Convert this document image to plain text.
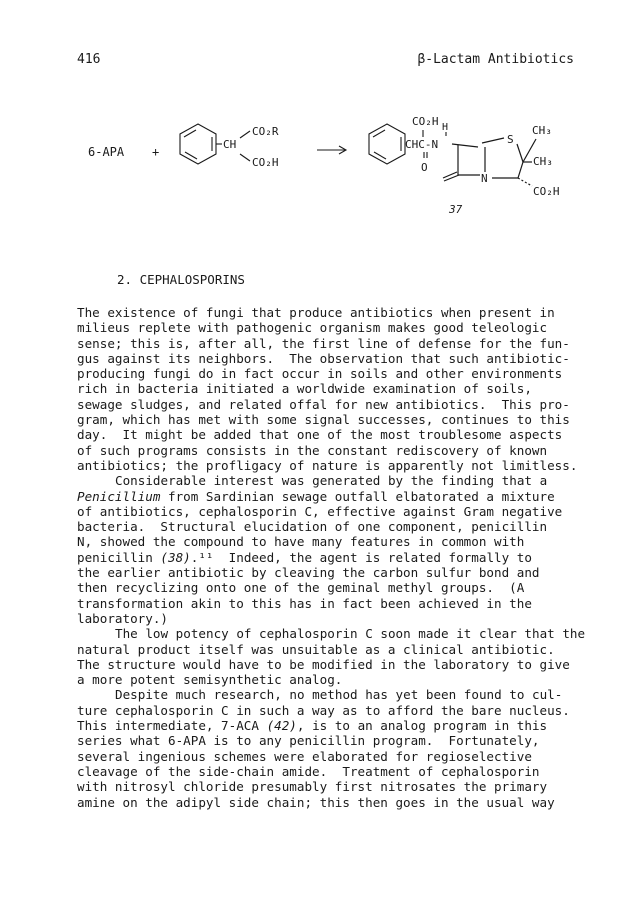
416	β-Lactam Antibiotics
6-APA +
CH
CO₂R
CO₂H
CO₂H H
CHC-N
O
S
N
CH₃
CH₃
CO₂H
37
2. CEPHALOSPORINS
The existence of fungi that produce antibiotics when present in
milieus replete with pathogenic organism makes good teleologic
sense; this is, after all, the first line of defense for the fun-
gus against its neighbors.  The observation that such antibiotic-
producing fungi do in fact occur in soils and other environments
rich in bacteria initiated a worldwide examination of soils,
sewage sludges, and related offal for new antibiotics.  This pro-
gram, which has met with some signal successes, continues to this
day.  It might be added that one of the most troublesome aspects
of such programs consists in the constant rediscovery of known
antibiotics; the profligacy of nature is apparently not limitless.
Considerable interest was generated by the finding that a
Penicillium from Sardinian sewage outfall elbatorated a mixture
of antibiotics, cephalosporin C, effective against Gram negative
bacteria.  Structural elucidation of one component, penicillin
N, showed the compound to have many features in common with
penicillin (38).¹¹  Indeed, the agent is related formally to
the earlier antibiotic by cleaving the carbon sulfur bond and
then recyclizing onto one of the geminal methyl groups.  (A
transformation akin to this has in fact been achieved in the
laboratory.)
The low potency of cephalosporin C soon made it clear that the
natural product itself was unsuitable as a clinical antibiotic.
The structure would have to be modified in the laboratory to give
a more potent semisynthetic analog.
Despite much research, no method has yet been found to cul-
ture cephalosporin C in such a way as to afford the bare nucleus.
This intermediate, 7-ACA (42), is to an analog program in this
series what 6-APA is to any penicillin program.  Fortunately,
several ingenious schemes were elaborated for regioselective
cleavage of the side-chain amide.  Treatment of cephalosporin
with nitrosyl chloride presumably first nitrosates the primary
amine on the adipyl side chain; this then goes in the usual way
